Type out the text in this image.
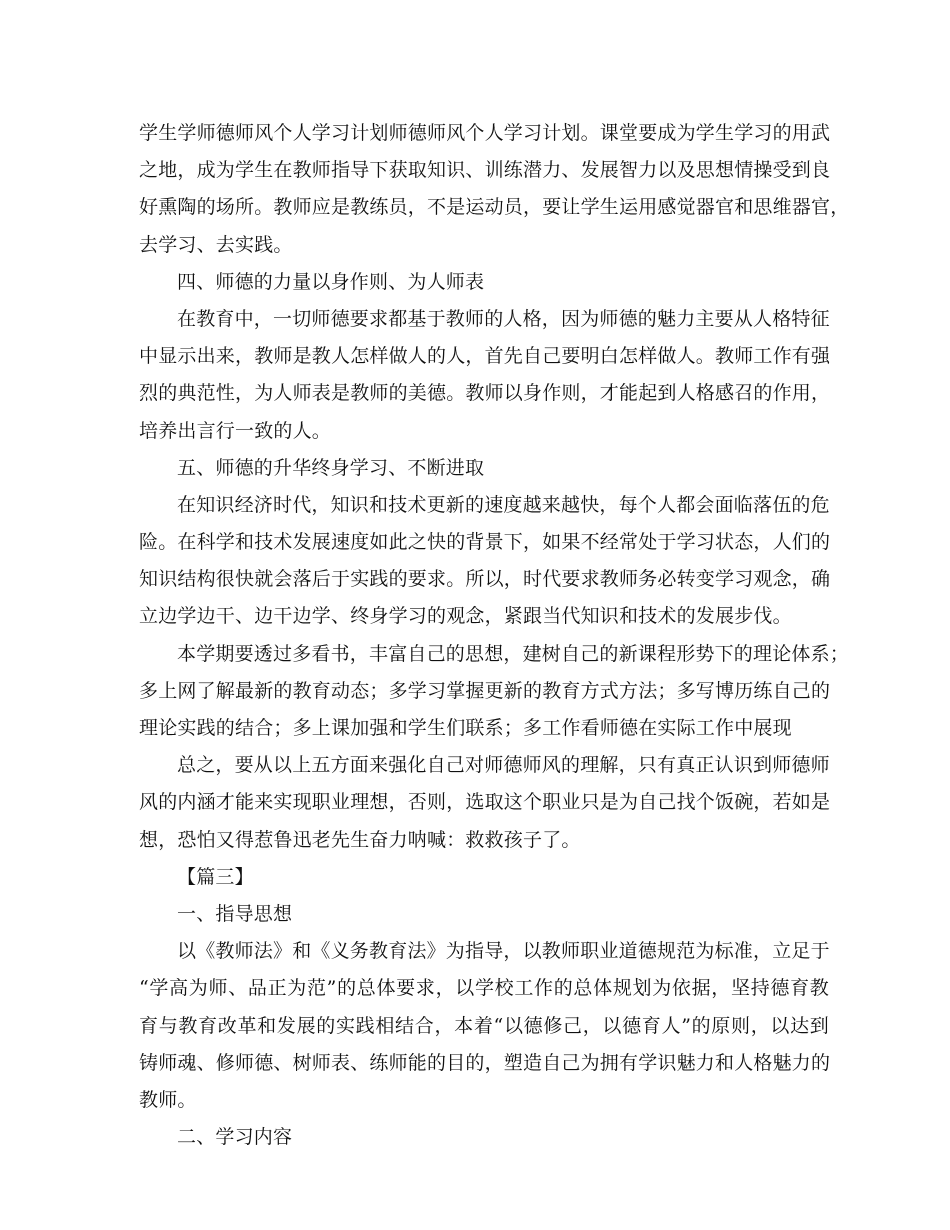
学生学师德师风个人学习计划师德师风个人学习计划。课堂要成为学生学习的用武
之地，成为学生在教师指导下获取知识、训练潜力、发展智力以及思想情操受到良
好熏陶的场所。教师应是教练员，不是运动员，要让学生运用感觉器官和思维器官，
去学习、去实践。
四、师德的力量以身作则、为人师表
在教育中，一切师德要求都基于教师的人格，因为师德的魅力主要从人格特征
中显示出来，教师是教人怎样做人的人，首先自己要明白怎样做人。教师工作有强
烈的典范性，为人师表是教师的美德。教师以身作则，才能起到人格感召的作用，
培养出言行一致的人。
五、师德的升华终身学习、不断进取
在知识经济时代，知识和技术更新的速度越来越快，每个人都会面临落伍的危
险。在科学和技术发展速度如此之快的背景下，如果不经常处于学习状态，人们的
知识结构很快就会落后于实践的要求。所以，时代要求教师务必转变学习观念，确
立边学边干、边干边学、终身学习的观念，紧跟当代知识和技术的发展步伐。
本学期要透过多看书，丰富自己的思想，建树自己的新课程形势下的理论体系；
多上网了解最新的教育动态；多学习掌握更新的教育方式方法；多写博历练自己的
理论实践的结合；多上课加强和学生们联系；多工作看师德在实际工作中展现
总之，要从以上五方面来强化自己对师德师风的理解，只有真正认识到师德师
风的内涵才能来实现职业理想，否则，选取这个职业只是为自己找个饭碗，若如是
想，恐怕又得惹鲁迅老先生奋力呐喊：救救孩子了。
【篇三】
一、指导思想
以《教师法》和《义务教育法》为指导，以教师职业道德规范为标准，立足于
“学高为师、品正为范”的总体要求，以学校工作的总体规划为依据，坚持德育教
育与教育改革和发展的实践相结合，本着“以德修己，以德育人”的原则，以达到
铸师魂、修师德、树师表、练师能的目的，塑造自己为拥有学识魅力和人格魅力的
教师。
二、学习内容
